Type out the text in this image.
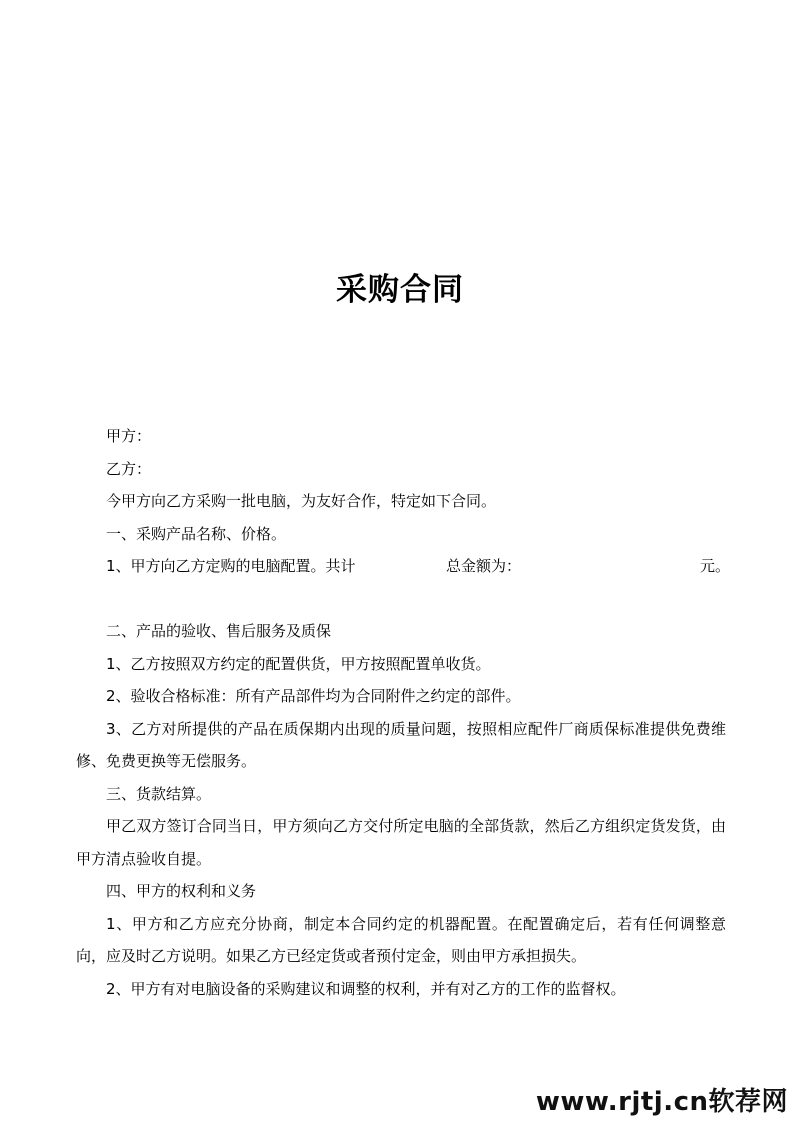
采购合同

甲方：

乙方：

今甲方向乙方采购一批电脑，为友好合作，特定如下合同。

一、采购产品名称、价格。

1、甲方向乙方定购的电脑配置。共计	总金额为：	元。

二、产品的验收、售后服务及质保

1、乙方按照双方约定的配置供货，甲方按照配置单收货。

2、验收合格标准：所有产品部件均为合同附件之约定的部件。

3、乙方对所提供的产品在质保期内出现的质量问题，按照相应配件厂商质保标准提供免费维修、免费更换等无偿服务。

三、货款结算。

甲乙双方签订合同当日，甲方须向乙方交付所定电脑的全部货款，然后乙方组织定货发货，由甲方清点验收自提。

四、甲方的权利和义务

1、甲方和乙方应充分协商，制定本合同约定的机器配置。在配置确定后，若有任何调整意向，应及时乙方说明。如果乙方已经定货或者预付定金，则由甲方承担损失。

2、甲方有对电脑设备的采购建议和调整的权利，并有对乙方的工作的监督权。

www.rjtj.cn软荐网
